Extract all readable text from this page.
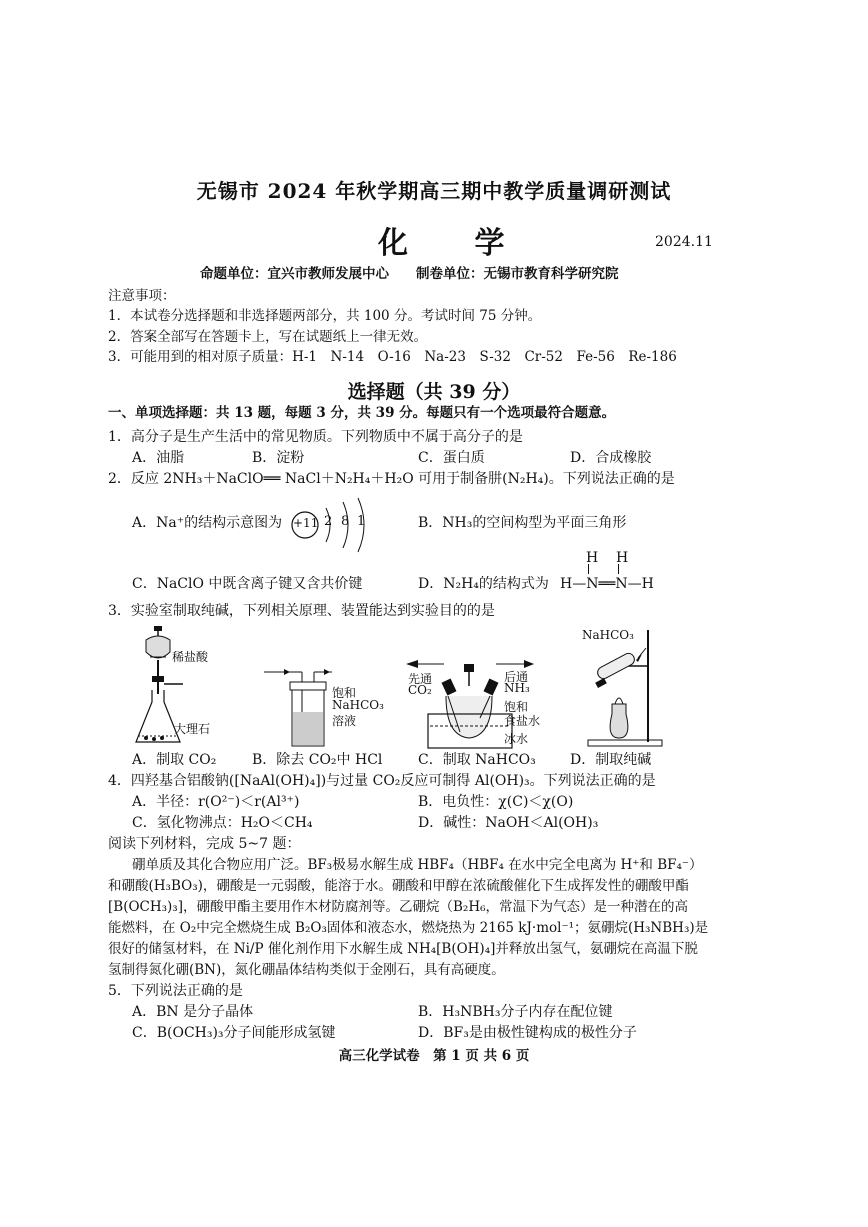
无锡市 2024 年秋学期高三期中教学质量调研测试
化 学	2024.11
命题单位：宜兴市教师发展中心　　制卷单位：无锡市教育科学研究院
注意事项：
1．本试卷分选择题和非选择题两部分，共 100 分。考试时间 75 分钟。
2．答案全部写在答题卡上，写在试题纸上一律无效。
3．可能用到的相对原子质量：H-1　N-14　O-16　Na-23　S-32　Cr-52　Fe-56　Re-186
选择题（共 39 分）
一、单项选择题：共 13 题，每题 3 分，共 39 分。每题只有一个选项最符合题意。
1．高分子是生产生活中的常见物质。下列物质中不属于高分子的是
A．油脂	B．淀粉	C．蛋白质	D．合成橡胶
2．反应 2NH₃＋NaClO══ NaCl＋N₂H₄＋H₂O 可用于制备肼(N₂H₄)。下列说法正确的是
A．Na⁺的结构示意图为 +11 2 8 1	B．NH₃的空间构型为平面三角形
C．NaClO 中既含离子键又含共价键	D．N₂H₄的结构式为
H H
H—N══N—H
3．实验室制取纯碱，下列相关原理、装置能达到实验目的的是
稀盐酸
大理石
饱和
NaHCO₃
溶液
先通
CO₂
后通
NH₃
饱和
食盐水
冰水
NaHCO₃
A．制取 CO₂	B．除去 CO₂中 HCl	C．制取 NaHCO₃ D．制取纯碱
4．四羟基合铝酸钠([NaAl(OH)₄])与过量 CO₂反应可制得 Al(OH)₃。下列说法正确的是
A．半径：r(O²⁻)＜r(Al³⁺)	B．电负性：χ(C)＜χ(O)
C．氢化物沸点：H₂O＜CH₄	D．碱性：NaOH＜Al(OH)₃
阅读下列材料，完成 5~7 题：
硼单质及其化合物应用广泛。BF₃极易水解生成 HBF₄（HBF₄ 在水中完全电离为 H⁺和 BF₄⁻）
和硼酸(H₃BO₃)，硼酸是一元弱酸，能溶于水。硼酸和甲醇在浓硫酸催化下生成挥发性的硼酸甲酯
[B(OCH₃)₃]，硼酸甲酯主要用作木材防腐剂等。乙硼烷（B₂H₆，常温下为气态）是一种潜在的高
能燃料，在 O₂中完全燃烧生成 B₂O₃固体和液态水，燃烧热为 2165 kJ·mol⁻¹；氨硼烷(H₃NBH₃)是
很好的储氢材料，在 Ni/P 催化剂作用下水解生成 NH₄[B(OH)₄]并释放出氢气，氨硼烷在高温下脱
氢制得氮化硼(BN)，氮化硼晶体结构类似于金刚石，具有高硬度。
5．下列说法正确的是
A．BN 是分子晶体	B．H₃NBH₃分子内存在配位键
C．B(OCH₃)₃分子间能形成氢键	D．BF₃是由极性键构成的极性分子
高三化学试卷　第 1 页 共 6 页
